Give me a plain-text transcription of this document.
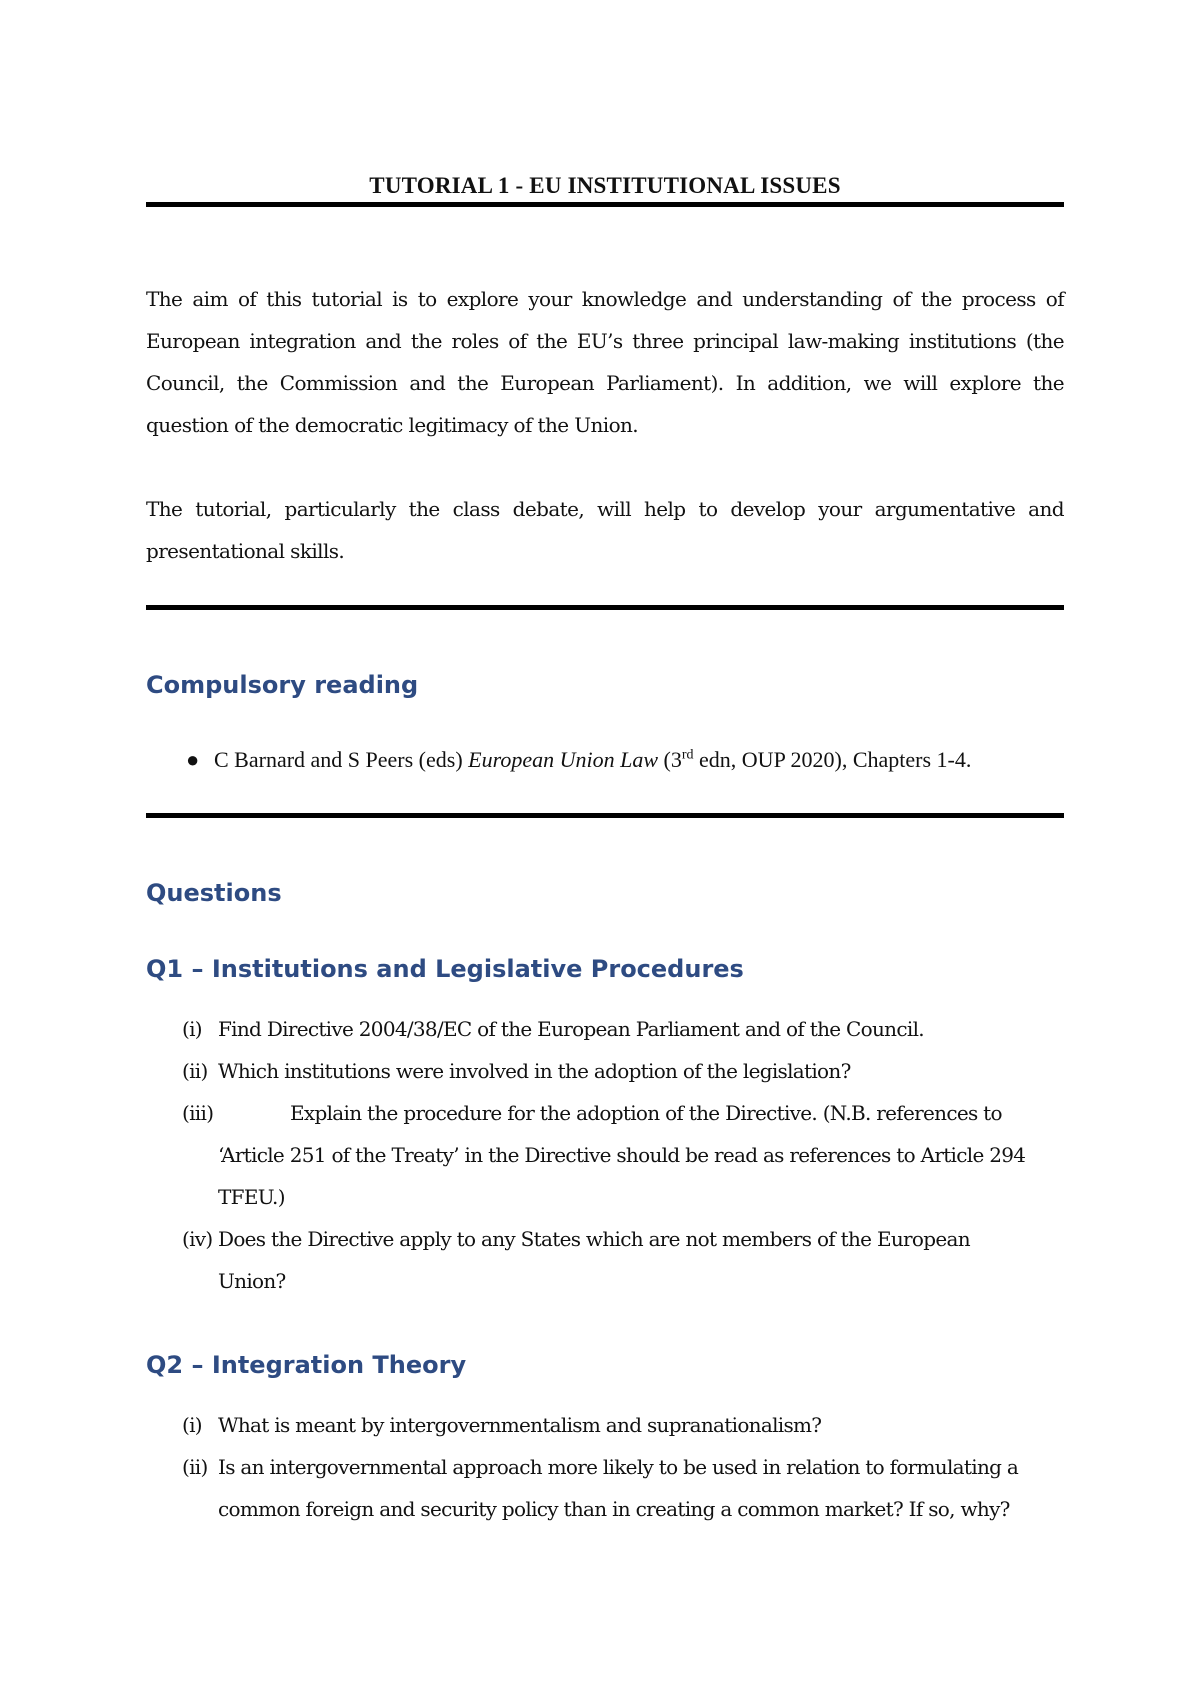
TUTORIAL 1 - EU INSTITUTIONAL ISSUES

The aim of this tutorial is to explore your knowledge and understanding of the process of European integration and the roles of the EU’s three principal law-making institutions (the Council, the Commission and the European Parliament). In addition, we will explore the question of the democratic legitimacy of the Union.

The tutorial, particularly the class debate, will help to develop your argumentative and presentational skills.

Compulsory reading
● C Barnard and S Peers (eds) European Union Law (3rd edn, OUP 2020), Chapters 1-4.
Questions
Q1 – Institutions and Legislative Procedures
(i) Find Directive 2004/38/EC of the European Parliament and of the Council.
(ii) Which institutions were involved in the adoption of the legislation?
(iii)	Explain the procedure for the adoption of the Directive. (N.B. references to
‘Article 251 of the Treaty’ in the Directive should be read as references to Article 294
TFEU.)
(iv) Does the Directive apply to any States which are not members of the European
Union?
Q2 – Integration Theory
(i) What is meant by intergovernmentalism and supranationalism?
(ii) Is an intergovernmental approach more likely to be used in relation to formulating a
common foreign and security policy than in creating a common market? If so, why?
